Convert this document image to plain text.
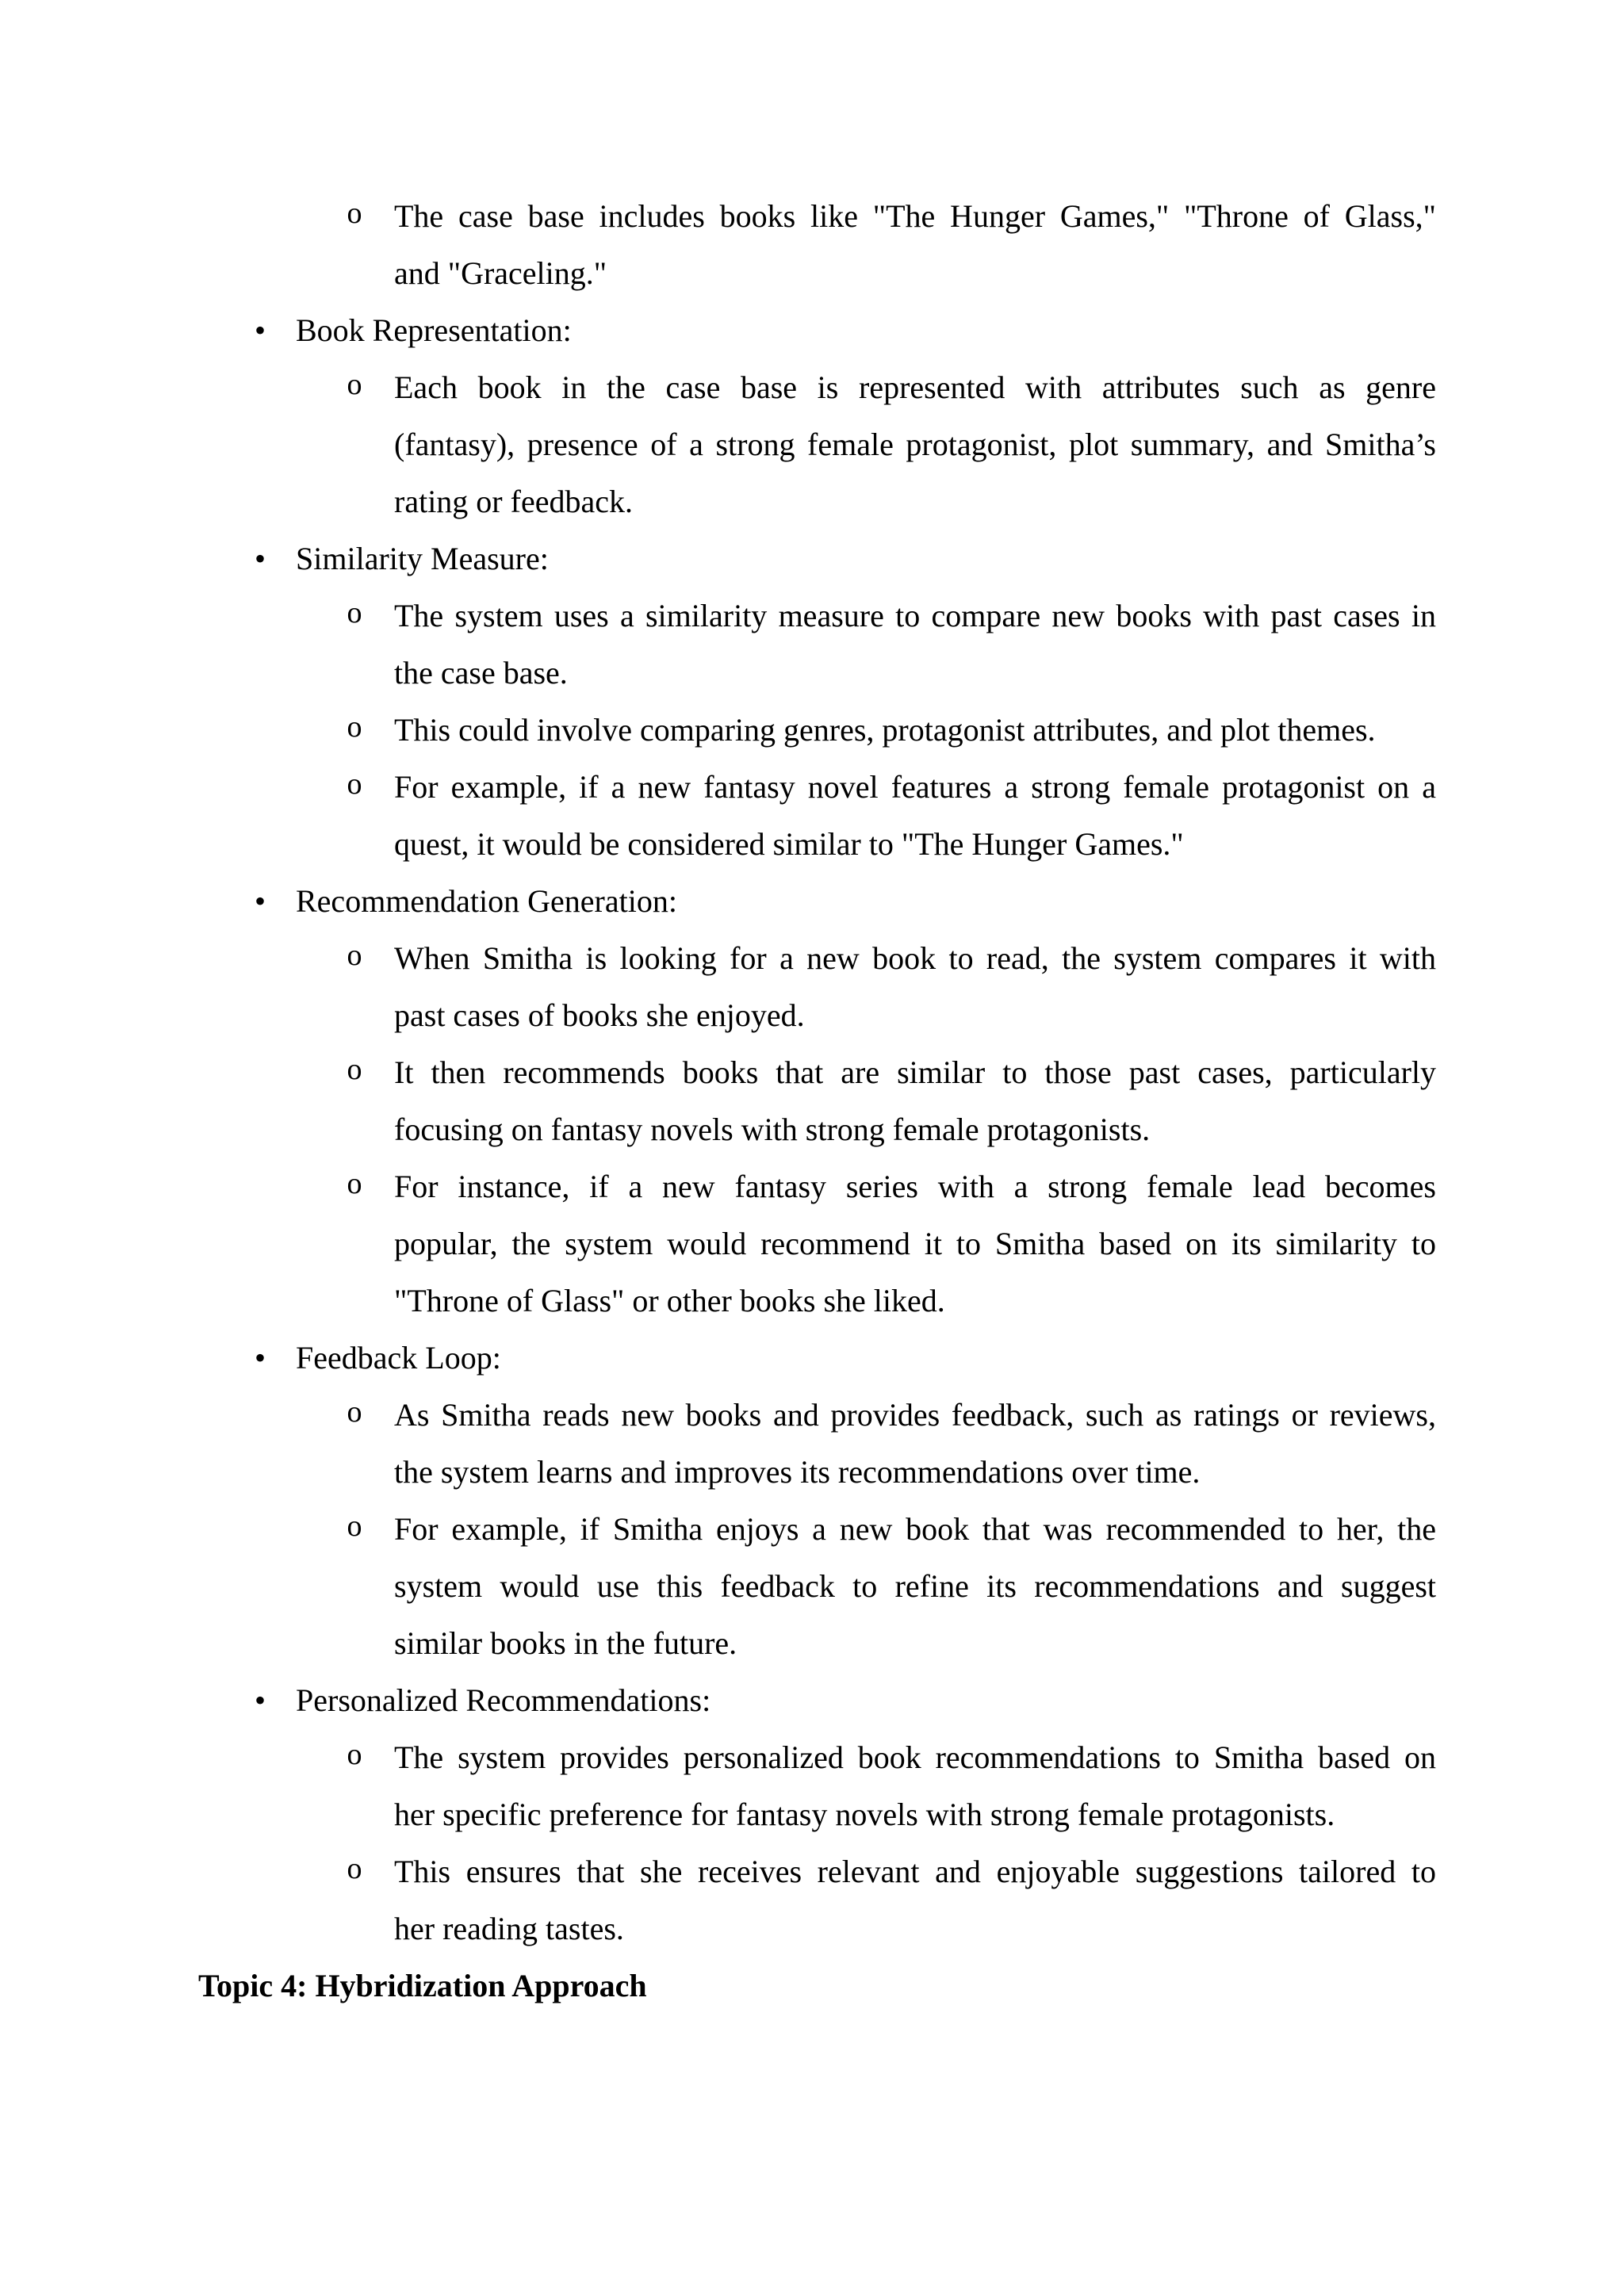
o The case base includes books like "The Hunger Games," "Throne of Glass,"
and "Graceling."
• Book Representation:
o Each book in the case base is represented with attributes such as genre
(fantasy), presence of a strong female protagonist, plot summary, and Smitha’s
rating or feedback.
• Similarity Measure:
o The system uses a similarity measure to compare new books with past cases in
the case base.
o This could involve comparing genres, protagonist attributes, and plot themes.
o For example, if a new fantasy novel features a strong female protagonist on a
quest, it would be considered similar to "The Hunger Games."
• Recommendation Generation:
o When Smitha is looking for a new book to read, the system compares it with
past cases of books she enjoyed.
o It then recommends books that are similar to those past cases, particularly
focusing on fantasy novels with strong female protagonists.
o For instance, if a new fantasy series with a strong female lead becomes
popular, the system would recommend it to Smitha based on its similarity to
"Throne of Glass" or other books she liked.
• Feedback Loop:
o As Smitha reads new books and provides feedback, such as ratings or reviews,
the system learns and improves its recommendations over time.
o For example, if Smitha enjoys a new book that was recommended to her, the
system would use this feedback to refine its recommendations and suggest
similar books in the future.
• Personalized Recommendations:
o The system provides personalized book recommendations to Smitha based on
her specific preference for fantasy novels with strong female protagonists.
o This ensures that she receives relevant and enjoyable suggestions tailored to
her reading tastes.
Topic 4: Hybridization Approach
